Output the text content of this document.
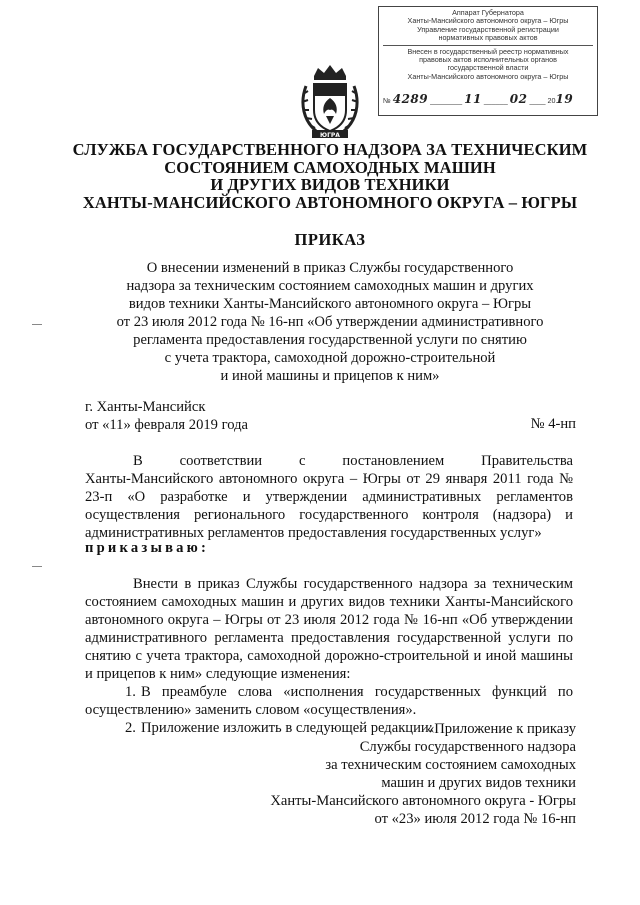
Аппарат Губернатора
Ханты-Мансийского автономного округа – Югры
Управление государственной регистрации
нормативных правовых актов
Внесен в государственный реестр нормативных
правовых актов исполнительных органов
государственной власти
Ханты-Мансийского автономного округа – Югры
№ 4289 ________ 11 ______ 02 ____ 2019
ЮГРА
СЛУЖБА ГОСУДАРСТВЕННОГО НАДЗОРА ЗА ТЕХНИЧЕСКИМ
СОСТОЯНИЕМ САМОХОДНЫХ МАШИН
И ДРУГИХ ВИДОВ ТЕХНИКИ
ХАНТЫ-МАНСИЙСКОГО АВТОНОМНОГО ОКРУГА – ЮГРЫ
ПРИКАЗ
О внесении изменений в приказ Службы государственного
надзора за техническим состоянием самоходных машин и других
видов техники Ханты-Мансийского автономного округа – Югры
от 23 июля 2012 года № 16-нп «Об утверждении административного
регламента предоставления государственной услуги по снятию
с учета трактора, самоходной дорожно-строительной
и иной машины и прицепов к ним»
г. Ханты-Мансийск
от «11» февраля 2019 года	№ 4-нп
В соответствии с постановлением Правительства
Ханты-Мансийского автономного округа – Югры от 29 января 2011 года № 23-п «О разработке и утверждении административных регламентов осуществления регионального государственного контроля (надзора) и административных регламентов предоставления государственных услуг»
приказываю:
Внести в приказ Службы государственного надзора за техническим состоянием самоходных машин и других видов техники Ханты-Мансийского автономного округа – Югры от 23 июля 2012 года № 16-нп «Об утверждении административного регламента предоставления государственной услуги по снятию с учета трактора, самоходной дорожно-строительной и иной машины и прицепов к ним» следующие изменения:
1. В преамбуле слова «исполнения государственных функций по осуществлению» заменить словом «осуществления».
2. Приложение изложить в следующей редакции:
«Приложение к приказу
Службы государственного надзора
за техническим состоянием самоходных
машин и других видов техники
Ханты-Мансийского автономного округа - Югры
от «23» июля 2012 года № 16-нп
